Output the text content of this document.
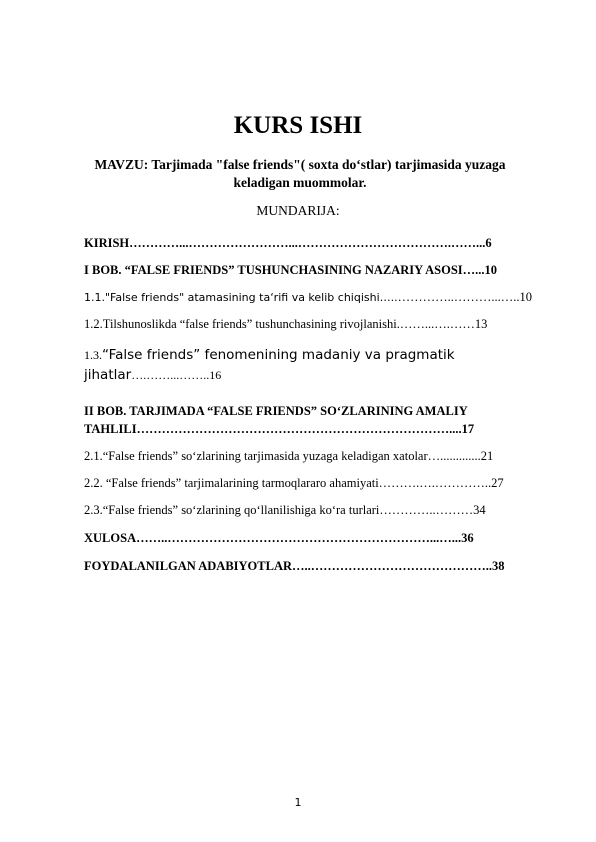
KURS ISHI
MAVZU: Tarjimada "false friends"( soxta do‘stlar) tarjimasida yuzaga
keladigan muommolar.
MUNDARIJA:
KIRISH…………...……………………...……………………………….……...6
I BOB. “FALSE FRIENDS” TUSHUNCHASINING NAZARIY ASOSI…...10
1.1."False friends" atamasining ta‘rifi va kelib chiqishi…..…………..………...…..10
1.2.Tilshunoslikda “false friends” tushunchasining rivojlanishi.……...….……13
1.3.“False friends” fenomenining madaniy va pragmatik
jihatlar….……...……..16
II BOB. TARJIMADA “FALSE FRIENDS” SO‘ZLARINING AMALIY
TAHLILI…………………………………………………………………....17
2.1.“False friends” so‘zlarining tarjimasida yuzaga keladigan xatolar….............21
2.2. “False friends” tarjimalarining tarmoqlararo ahamiyati……….….…………..27
2.3.“False friends” so‘zlarining qo‘llanilishiga ko‘ra turlari…………..………34
XULOSA……..………………………………………………………...…...36
FOYDALANILGAN ADABIYOTLAR…..……………………………………..38
1
